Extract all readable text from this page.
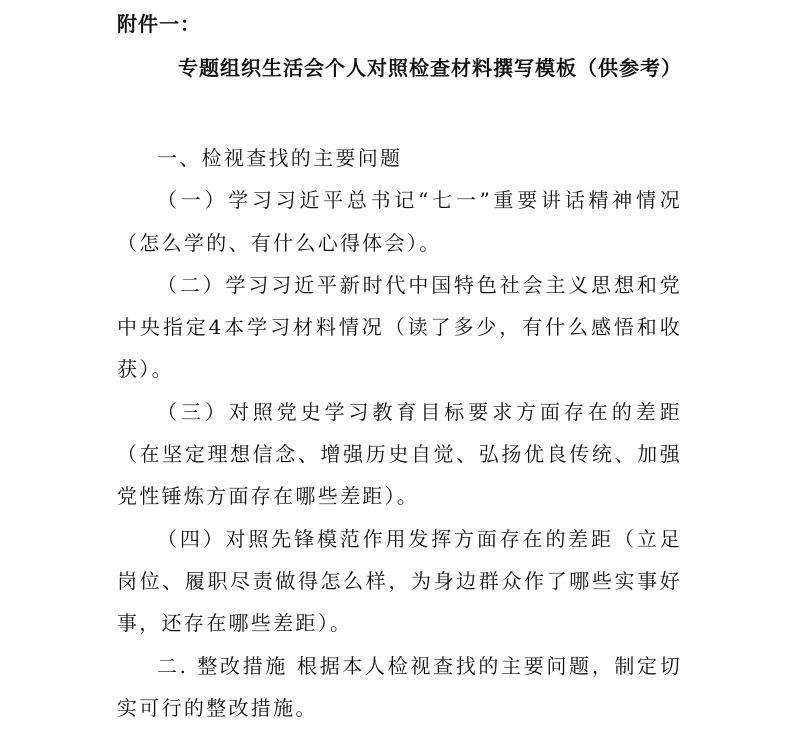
附件一：
专题组织生活会个人对照检查材料撰写模板（供参考）

一、检视查找的主要问题

（一）学习习近平总书记“七一”重要讲话精神情况（怎么学的、有什么心得体会）。

（二）学习习近平新时代中国特色社会主义思想和党中央指定4本学习材料情况（读了多少，有什么感悟和收获）。

（三）对照党史学习教育目标要求方面存在的差距（在坚定理想信念、增强历史自觉、弘扬优良传统、加强党性锤炼方面存在哪些差距）。

（四）对照先锋模范作用发挥方面存在的差距（立足岗位、履职尽责做得怎么样，为身边群众作了哪些实事好事，还存在哪些差距）。

二. 整改措施 根据本人检视查找的主要问题，制定切实可行的整改措施。
